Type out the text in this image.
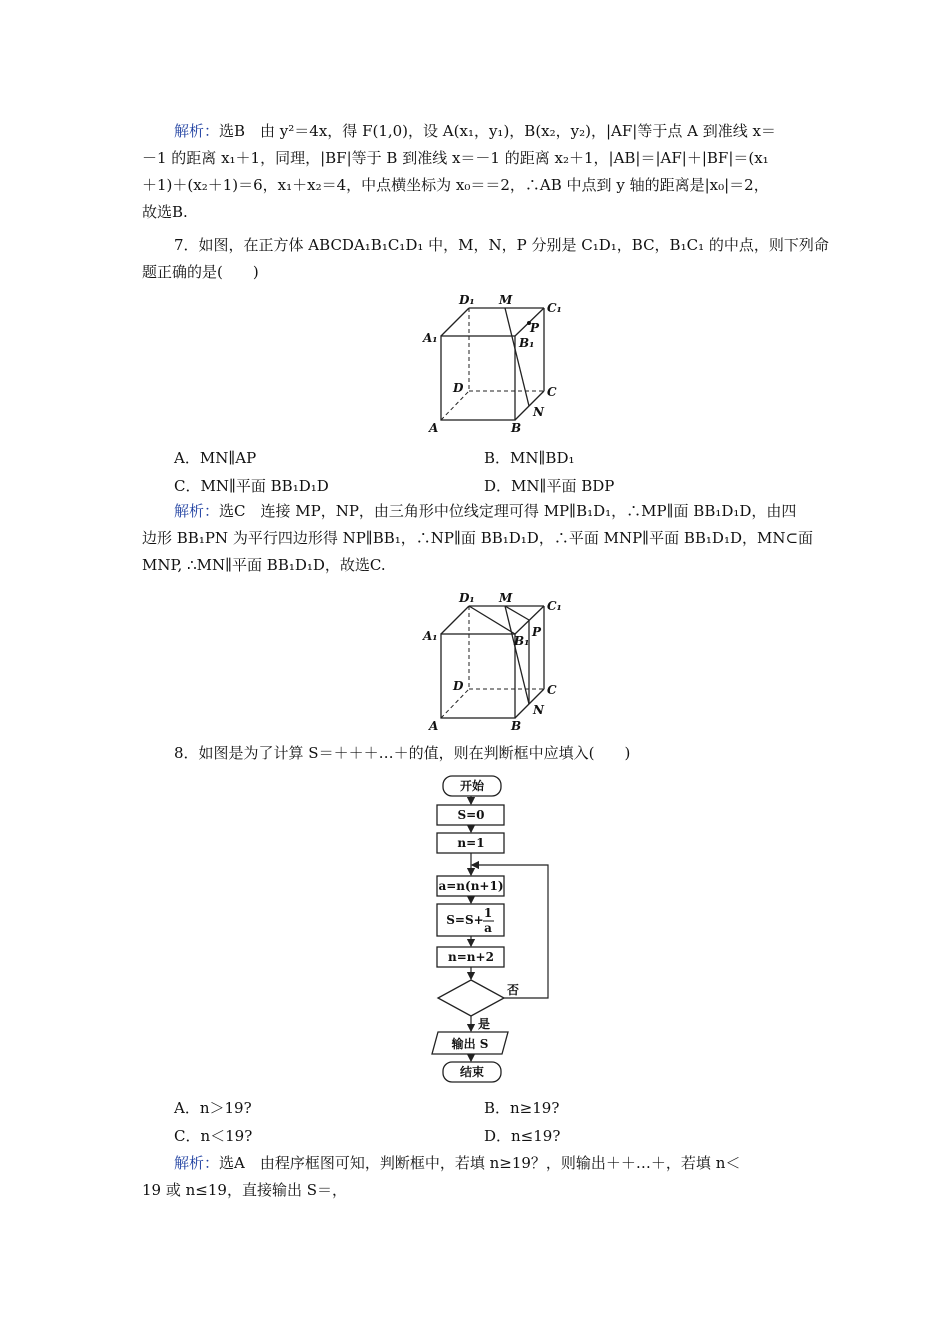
解析：选B　由 y²＝4x，得 F(1,0)，设 A(x₁，y₁)，B(x₂，y₂)，|AF|等于点 A 到准线 x＝
－1 的距离 x₁＋1，同理，|BF|等于 B 到准线 x＝－1 的距离 x₂＋1，|AB|＝|AF|＋|BF|＝(x₁
＋1)＋(x₂＋1)＝6，x₁＋x₂＝4，中点横坐标为 x₀＝＝2，∴AB 中点到 y 轴的距离是|x₀|＝2，
故选B.
7．如图，在正方体 ABCDA₁B₁C₁D₁ 中，M，N，P 分别是 C₁D₁，BC，B₁C₁ 的中点，则下列命
题正确的是(　　)
D₁ M
C₁
P
A₁	B₁
D	C
A	B
N
A．MN∥AP	B．MN∥BD₁
C．MN∥平面 BB₁D₁D	D．MN∥平面 BDP
解析：选C　连接 MP，NP，由三角形中位线定理可得 MP∥B₁D₁，∴MP∥面 BB₁D₁D，由四
边形 BB₁PN 为平行四边形得 NP∥BB₁，∴NP∥面 BB₁D₁D，∴平面 MNP∥平面 BB₁D₁D，MN⊂面
MNP, ∴MN∥平面 BB₁D₁D，故选C.
D₁ M
C₁
P
A₁	B₁
D	C
A	B
N
8．如图是为了计算 S＝＋＋＋…＋的值，则在判断框中应填入(　　)
开始
S=0
n=1
a=n(n+1)
S=S+ 1
a
n=n+2
否
是
输出 S
结束
A．n＞19?	B．n≥19?
C．n＜19?	D．n≤19?
解析：选A　由程序框图可知，判断框中，若填 n≥19？，则输出＋＋…＋，若填 n＜
19 或 n≤19，直接输出 S＝，
